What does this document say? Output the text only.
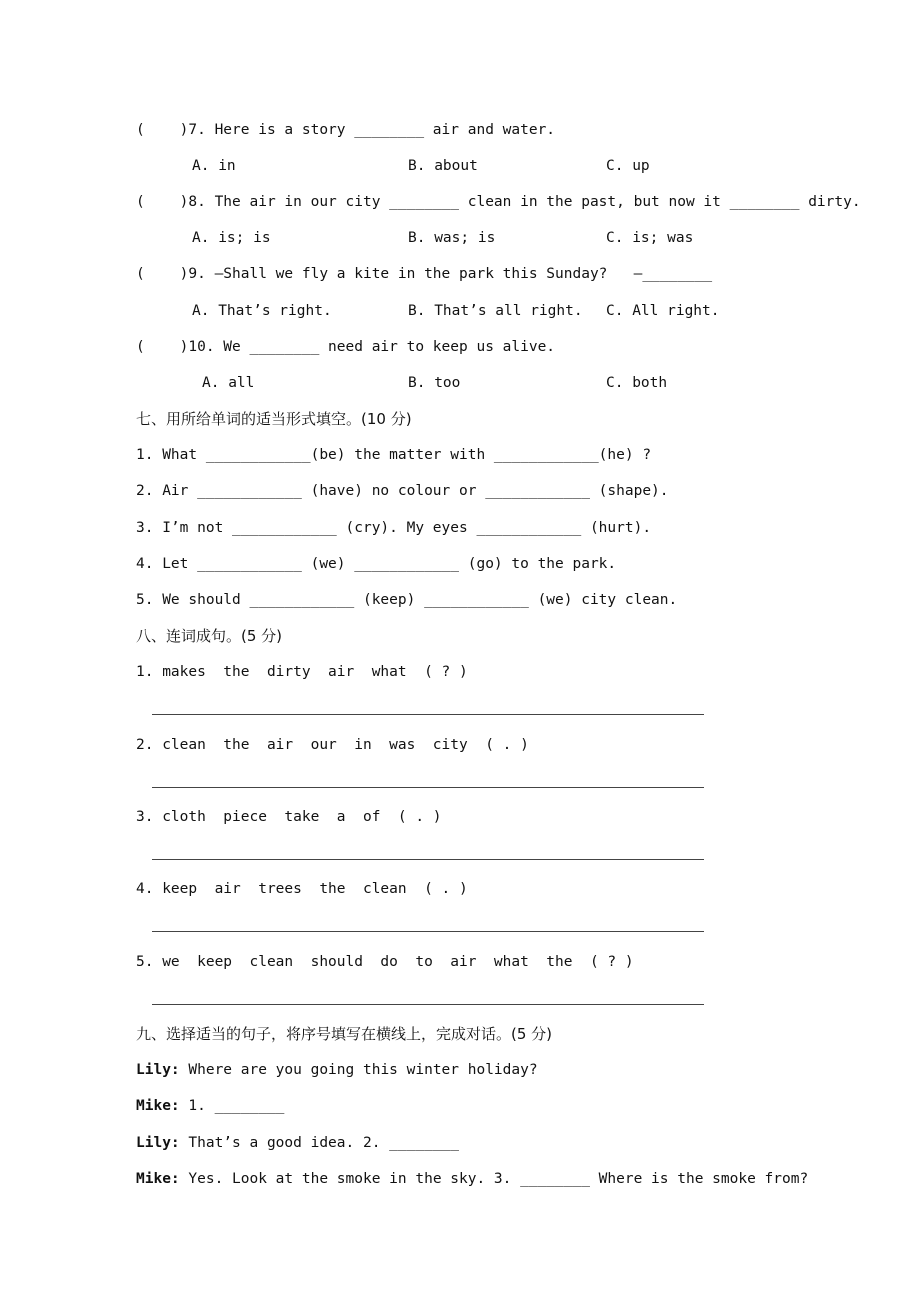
(    )7. Here is a story ________ air and water.
A. in	B. about	C. up
(    )8. The air in our city ________ clean in the past, but now it ________ dirty.
A. is; is	B. was; is	C. is; was
(    )9. —Shall we fly a kite in the park this Sunday?   —________
A. That’s right.	B. That’s all right. C. All right.
(    )10. We ________ need air to keep us alive.
A. all	B. too	C. both
七、用所给单词的适当形式填空。(10 分)
1. What ____________(be) the matter with ____________(he) ?
2. Air ____________ (have) no colour or ____________ (shape).
3. I’m not ____________ (cry). My eyes ____________ (hurt).
4. Let ____________ (we) ____________ (go) to the park.
5. We should ____________ (keep) ____________ (we) city clean.
八、连词成句。(5 分)
1. makes  the  dirty  air  what  ( ? )
2. clean  the  air  our  in  was  city  ( . )
3. cloth  piece  take  a  of  ( . )
4. keep  air  trees  the  clean  ( . )
5. we  keep  clean  should  do  to  air  what  the  ( ? )
九、选择适当的句子，将序号填写在横线上，完成对话。(5 分)
Lily: Where are you going this winter holiday?
Mike: 1. ________
Lily: That’s a good idea. 2. ________
Mike: Yes. Look at the smoke in the sky. 3. ________ Where is the smoke from?
